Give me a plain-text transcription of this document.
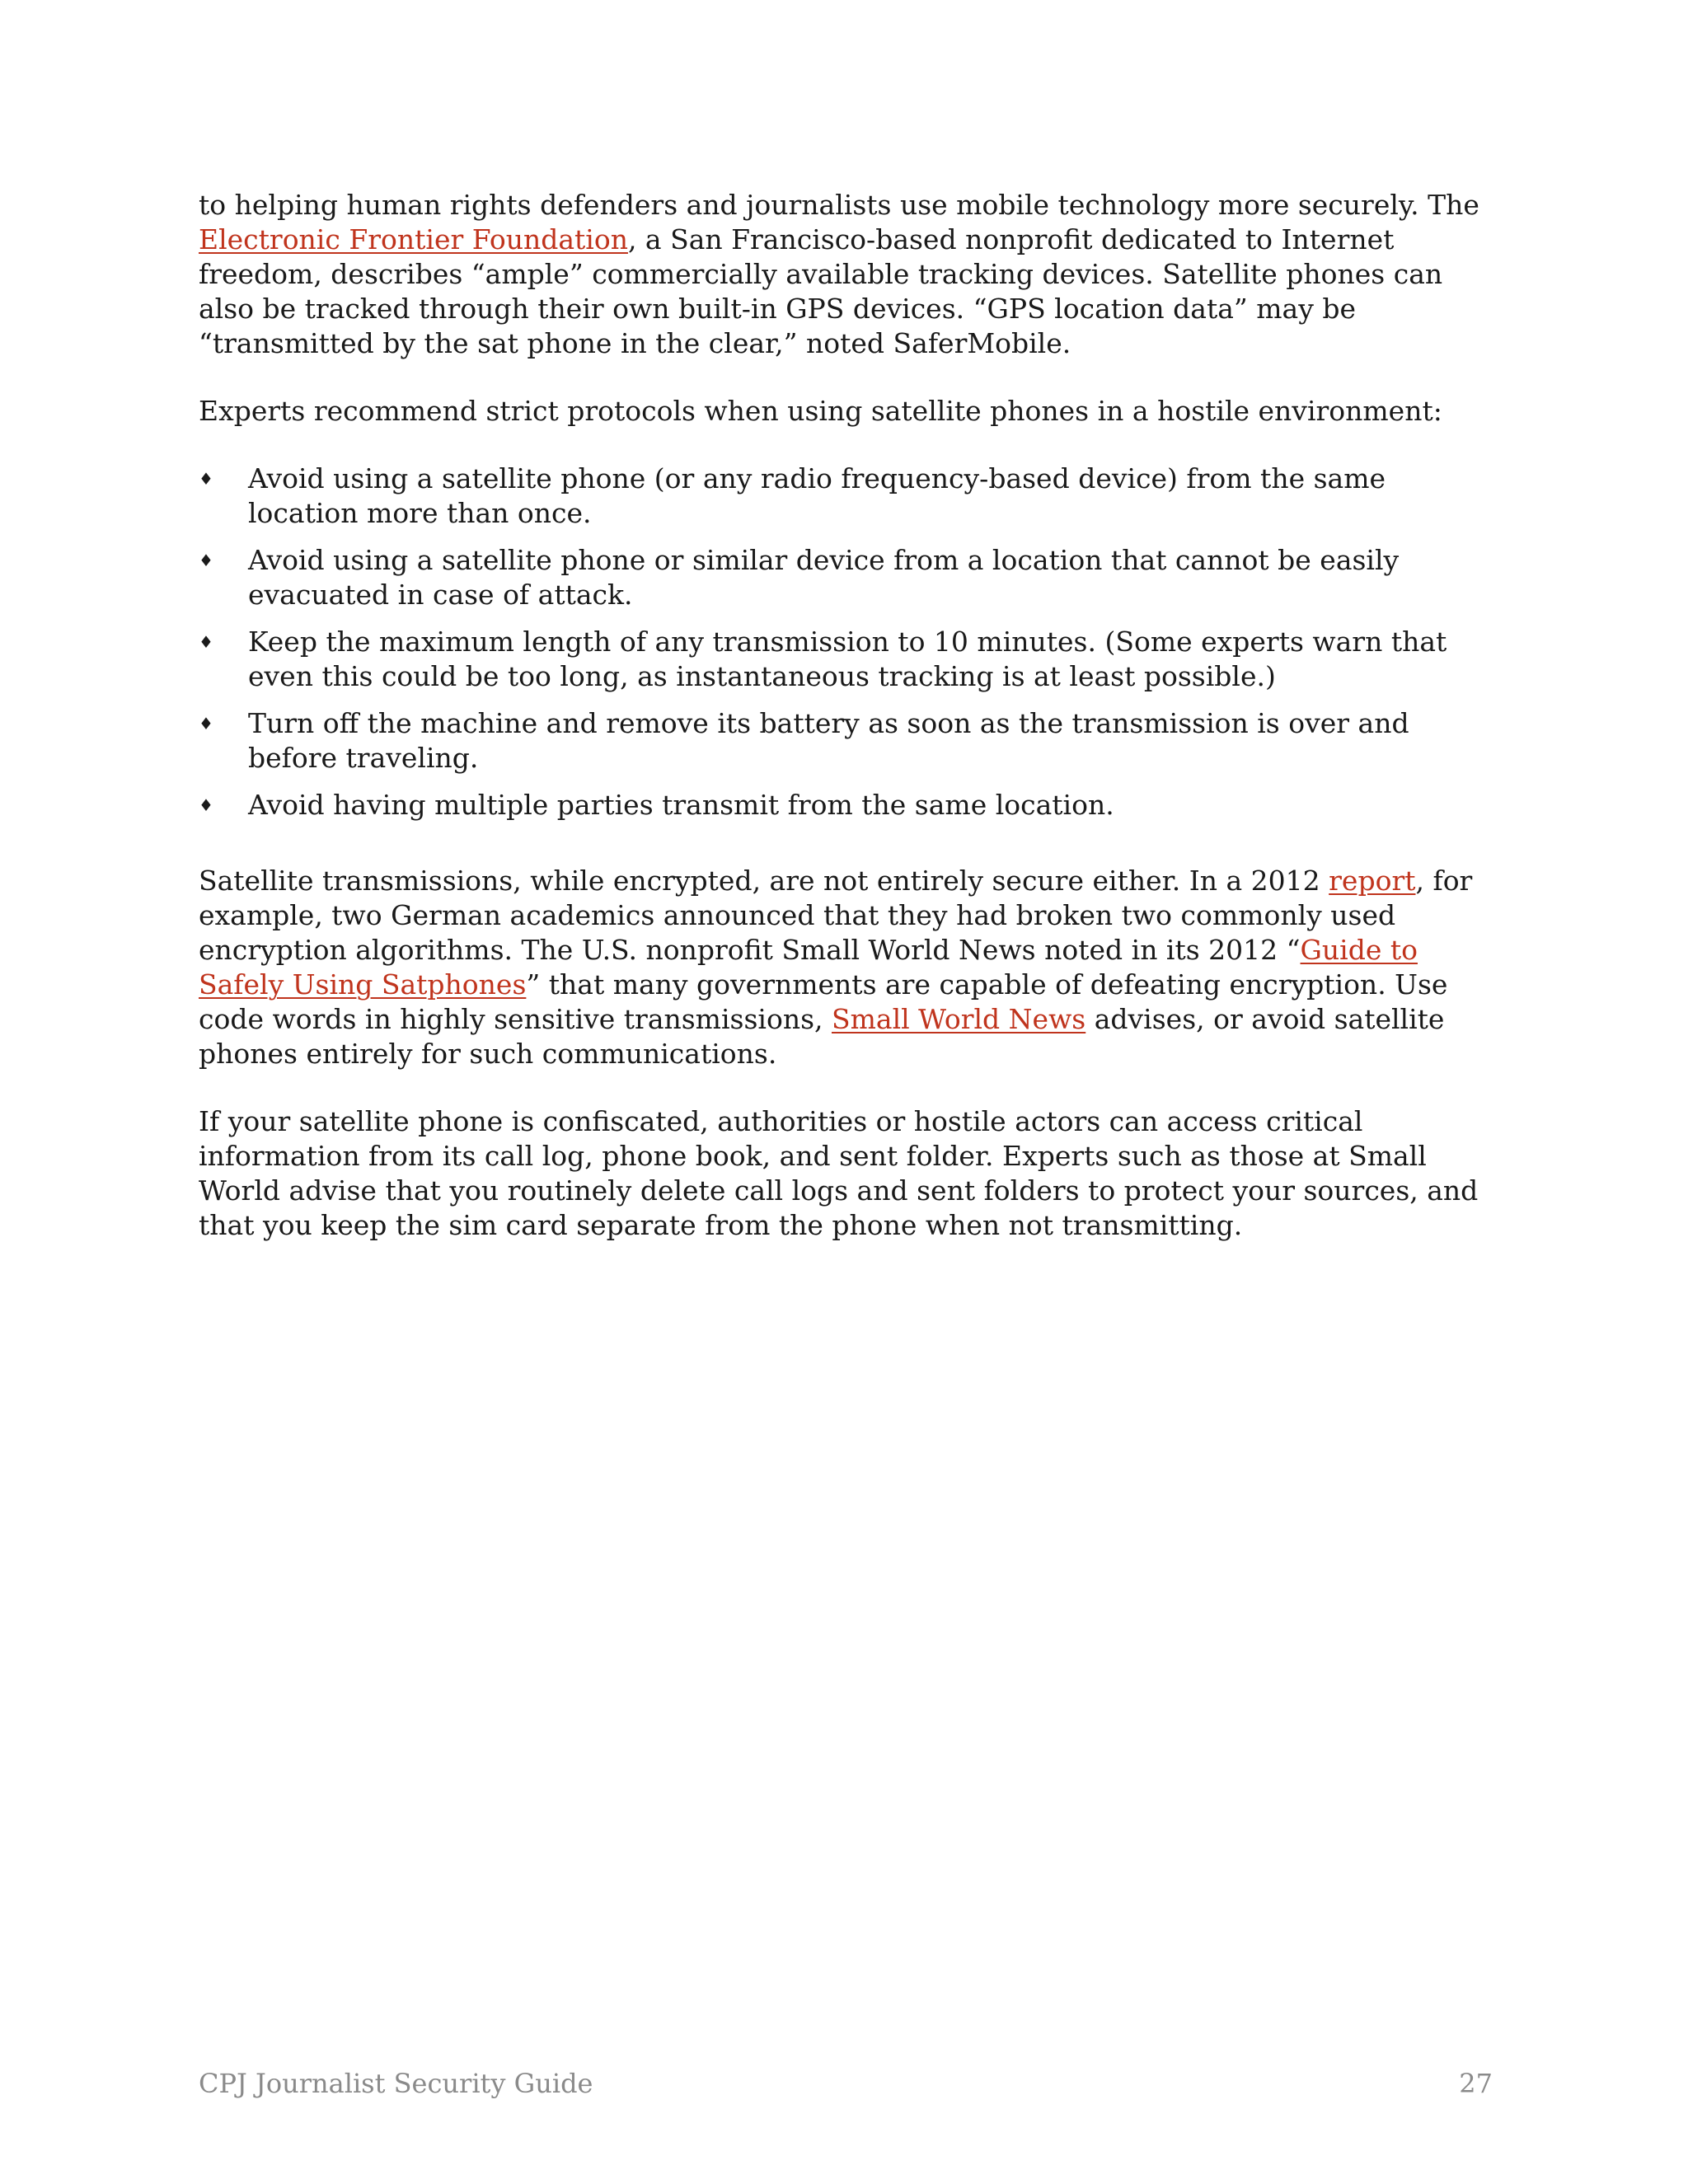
to helping human rights defenders and journalists use mobile technology more securely. The Electronic Frontier Foundation, a San Francisco-based nonprofit dedicated to Internet freedom, describes “ample” commercially available tracking devices. Satellite phones can also be tracked through their own built-in GPS devices. “GPS location data” may be “transmitted by the sat phone in the clear,” noted SaferMobile.

Experts recommend strict protocols when using satellite phones in a hostile environment:

♦ Avoid using a satellite phone (or any radio frequency-based device) from the same location more than once.
♦ Avoid using a satellite phone or similar device from a location that cannot be easily evacuated in case of attack.
♦ Keep the maximum length of any transmission to 10 minutes. (Some experts warn that even this could be too long, as instantaneous tracking is at least possible.)
♦ Turn off the machine and remove its battery as soon as the transmission is over and before traveling.
♦ Avoid having multiple parties transmit from the same location.

Satellite transmissions, while encrypted, are not entirely secure either. In a 2012 report, for example, two German academics announced that they had broken two commonly used encryption algorithms. The U.S. nonprofit Small World News noted in its 2012 “Guide to Safely Using Satphones” that many governments are capable of defeating encryption. Use code words in highly sensitive transmissions, Small World News advises, or avoid satellite phones entirely for such communications.

If your satellite phone is confiscated, authorities or hostile actors can access critical information from its call log, phone book, and sent folder. Experts such as those at Small World advise that you routinely delete call logs and sent folders to protect your sources, and that you keep the sim card separate from the phone when not transmitting.

CPJ Journalist Security Guide	27
